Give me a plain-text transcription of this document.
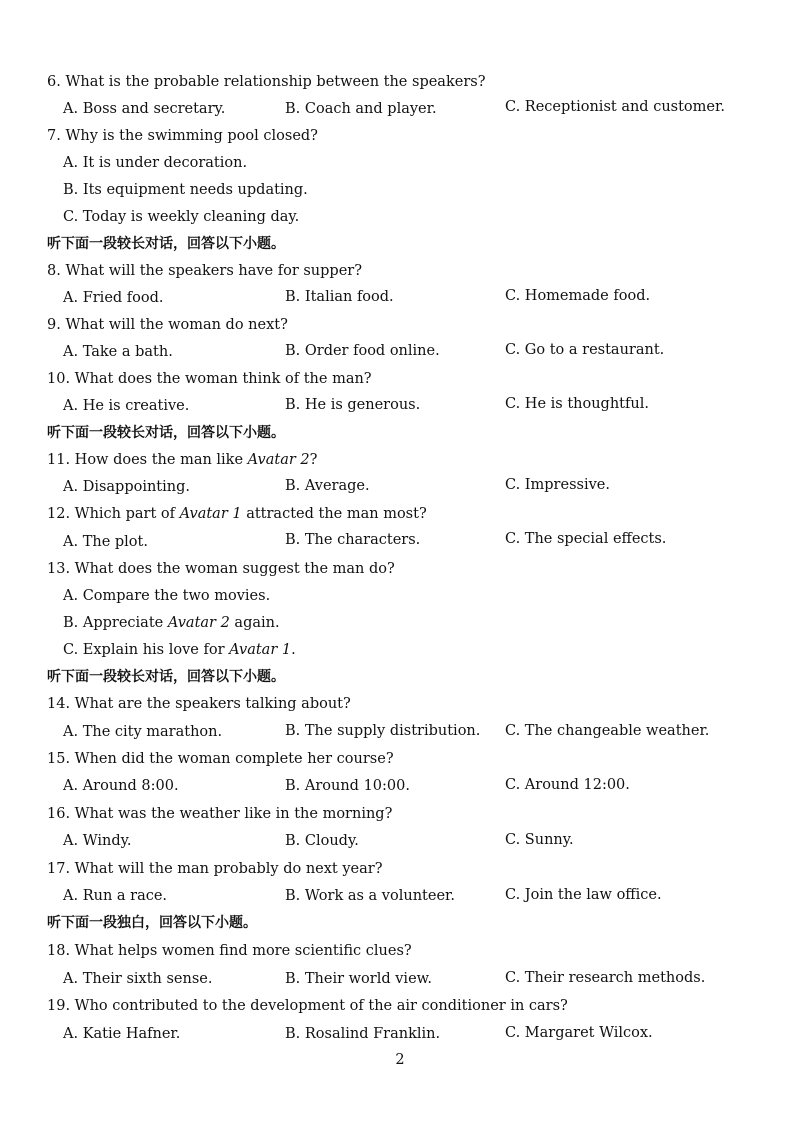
6. What is the probable relationship between the speakers?
A. Boss and secretary.	B. Coach and player.	C. Receptionist and customer.
7. Why is the swimming pool closed?
A. It is under decoration.
B. Its equipment needs updating.
C. Today is weekly cleaning day.
听下面一段较长对话，回答以下小题。
8. What will the speakers have for supper?
A. Fried food.	B. Italian food.	C. Homemade food.
9. What will the woman do next?
A. Take a bath.	B. Order food online.	C. Go to a restaurant.
10. What does the woman think of the man?
A. He is creative.	B. He is generous.	C. He is thoughtful.
听下面一段较长对话，回答以下小题。
11. How does the man like Avatar 2?
A. Disappointing.	B. Average.	C. Impressive.
12. Which part of Avatar 1 attracted the man most?
A. The plot.	B. The characters.	C. The special effects.
13. What does the woman suggest the man do?
A. Compare the two movies.
B. Appreciate Avatar 2 again.
C. Explain his love for Avatar 1.
听下面一段较长对话，回答以下小题。
14. What are the speakers talking about?
A. The city marathon.	B. The supply distribution. C. The changeable weather.
15. When did the woman complete her course?
A. Around 8:00.	B. Around 10:00.	C. Around 12:00.
16. What was the weather like in the morning?
A. Windy.	B. Cloudy.	C. Sunny.
17. What will the man probably do next year?
A. Run a race.	B. Work as a volunteer.	C. Join the law office.
听下面一段独白，回答以下小题。
18. What helps women find more scientific clues?
A. Their sixth sense.	B. Their world view.	C. Their research methods.
19. Who contributed to the development of the air conditioner in cars?
A. Katie Hafner.	B. Rosalind Franklin.	C. Margaret Wilcox.
2
